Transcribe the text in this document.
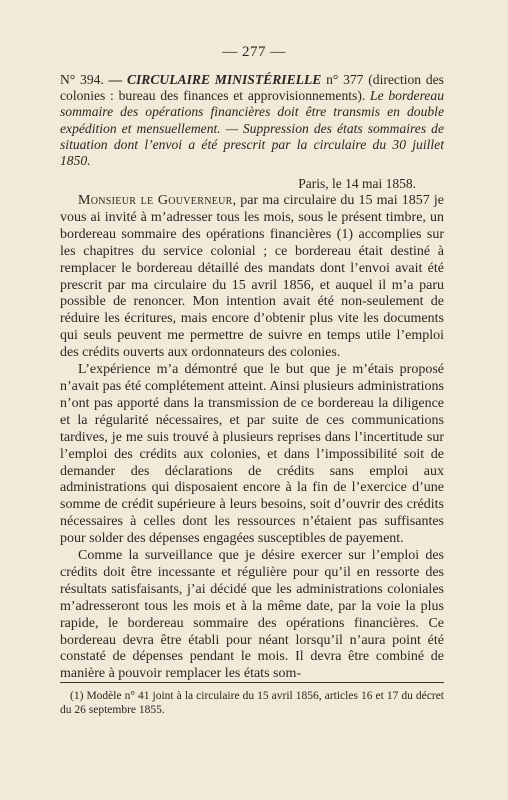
— 277 —
N° 394. — CIRCULAIRE MINISTÉRIELLE n° 377 (direction des colonies : bureau des finances et approvisionnements). Le bordereau sommaire des opérations financières doit être transmis en double expédition et mensuellement. — Suppression des états sommaires de situation dont l’envoi a été prescrit par la circulaire du 30 juillet 1850.
Paris, le 14 mai 1858.

Monsieur le Gouverneur, par ma circulaire du 15 mai 1857 je vous ai invité à m’adresser tous les mois, sous le présent timbre, un bordereau sommaire des opérations financières (1) accomplies sur les chapitres du service colonial ; ce bordereau était destiné à remplacer le bordereau détaillé des mandats dont l’envoi avait été prescrit par ma circulaire du 15 avril 1856, et auquel il m’a paru possible de renoncer. Mon intention avait été non-seulement de réduire les écritures, mais encore d’obtenir plus vite les documents qui seuls peuvent me permettre de suivre en temps utile l’emploi des crédits ouverts aux ordonnateurs des colonies.

L’expérience m’a démontré que le but que je m’étais proposé n’avait pas été complétement atteint. Ainsi plusieurs administrations n’ont pas apporté dans la transmission de ce bordereau la diligence et la régularité nécessaires, et par suite de ces communications tardives, je me suis trouvé à plusieurs reprises dans l’incertitude sur l’emploi des crédits aux colonies, et dans l’impossibilité soit de demander des déclarations de crédits sans emploi aux administrations qui disposaient encore à la fin de l’exercice d’une somme de crédit supérieure à leurs besoins, soit d’ouvrir des crédits nécessaires à celles dont les ressources n’étaient pas suffisantes pour solder des dépenses engagées susceptibles de payement.

Comme la surveillance que je désire exercer sur l’emploi des crédits doit être incessante et régulière pour qu’il en ressorte des résultats satisfaisants, j’ai décidé que les administrations coloniales m’adresseront tous les mois et à la même date, par la voie la plus rapide, le bordereau sommaire des opérations financières. Ce bordereau devra être établi pour néant lorsqu’il n’aura point été constaté de dépenses pendant le mois. Il devra être combiné de manière à pouvoir remplacer les états som-

(1) Modèle n° 41 joint à la circulaire du 15 avril 1856, articles 16 et 17 du décret du 26 septembre 1855.
